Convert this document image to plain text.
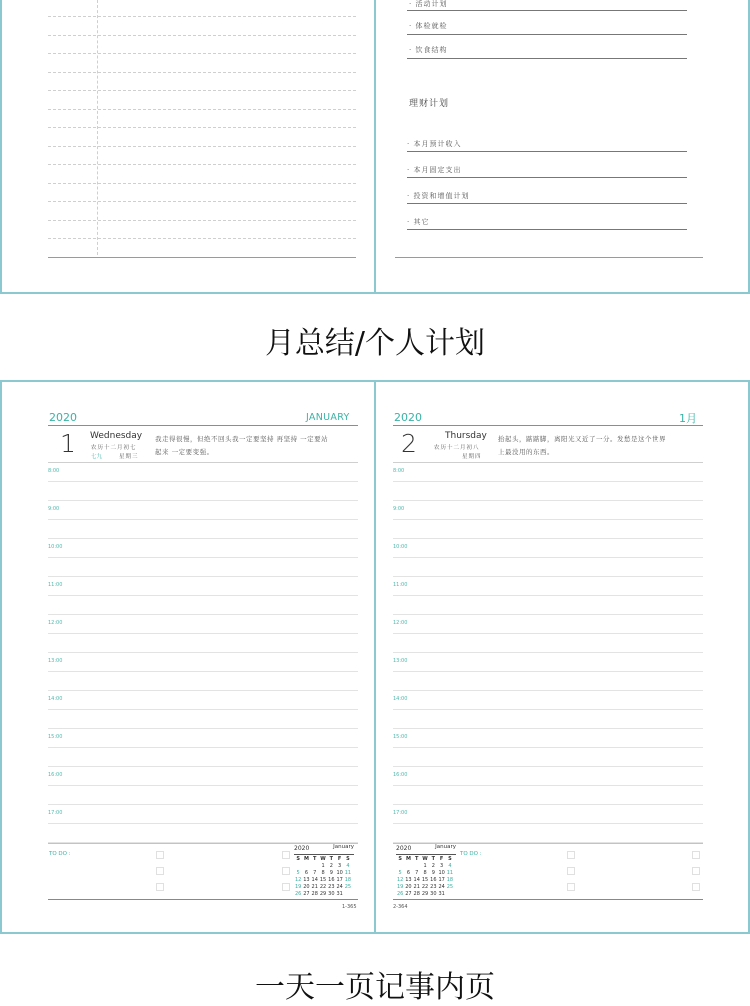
· 活动计划
· 体检就检
· 饮食结构
理财计划
· 本月预计收入
· 本月固定支出
· 投资和增值计划
· 其它
月总结/个人计划
2020	JANUARY
1 Wednesday
农历十二月初七
七九	星期三
我走得很慢，但绝不回头我一定要坚持 再坚持 一定要站
起来 一定要变强。
8:00
9:00
10:00
11:00
12:00
13:00
14:00
15:00
16:00
17:00
TO DO :
2020	January
S	M	T	W	T	F	S
			1	2	3	4
5	6	7	8	9	10	11
12	13	14	15	16	17	18
19	20	21	22	23	24	25
26	27	28	29	30	31	
1-365
2020	1月
2	Thursday
农历十二月初八
星期四
抬起头，踮踮脚，离阳光又近了一分。发愁是这个世界
上最没用的东西。
8:00
9:00
10:00
11:00
12:00
13:00
14:00
15:00
16:00
17:00
2020	January
S	M	T	W	T	F	S
			1	2	3	4
5	6	7	8	9	10	11
12	13	14	15	16	17	18
19	20	21	22	23	24	25
26	27	28	29	30	31	
TO DO :
2-364
一天一页记事内页
